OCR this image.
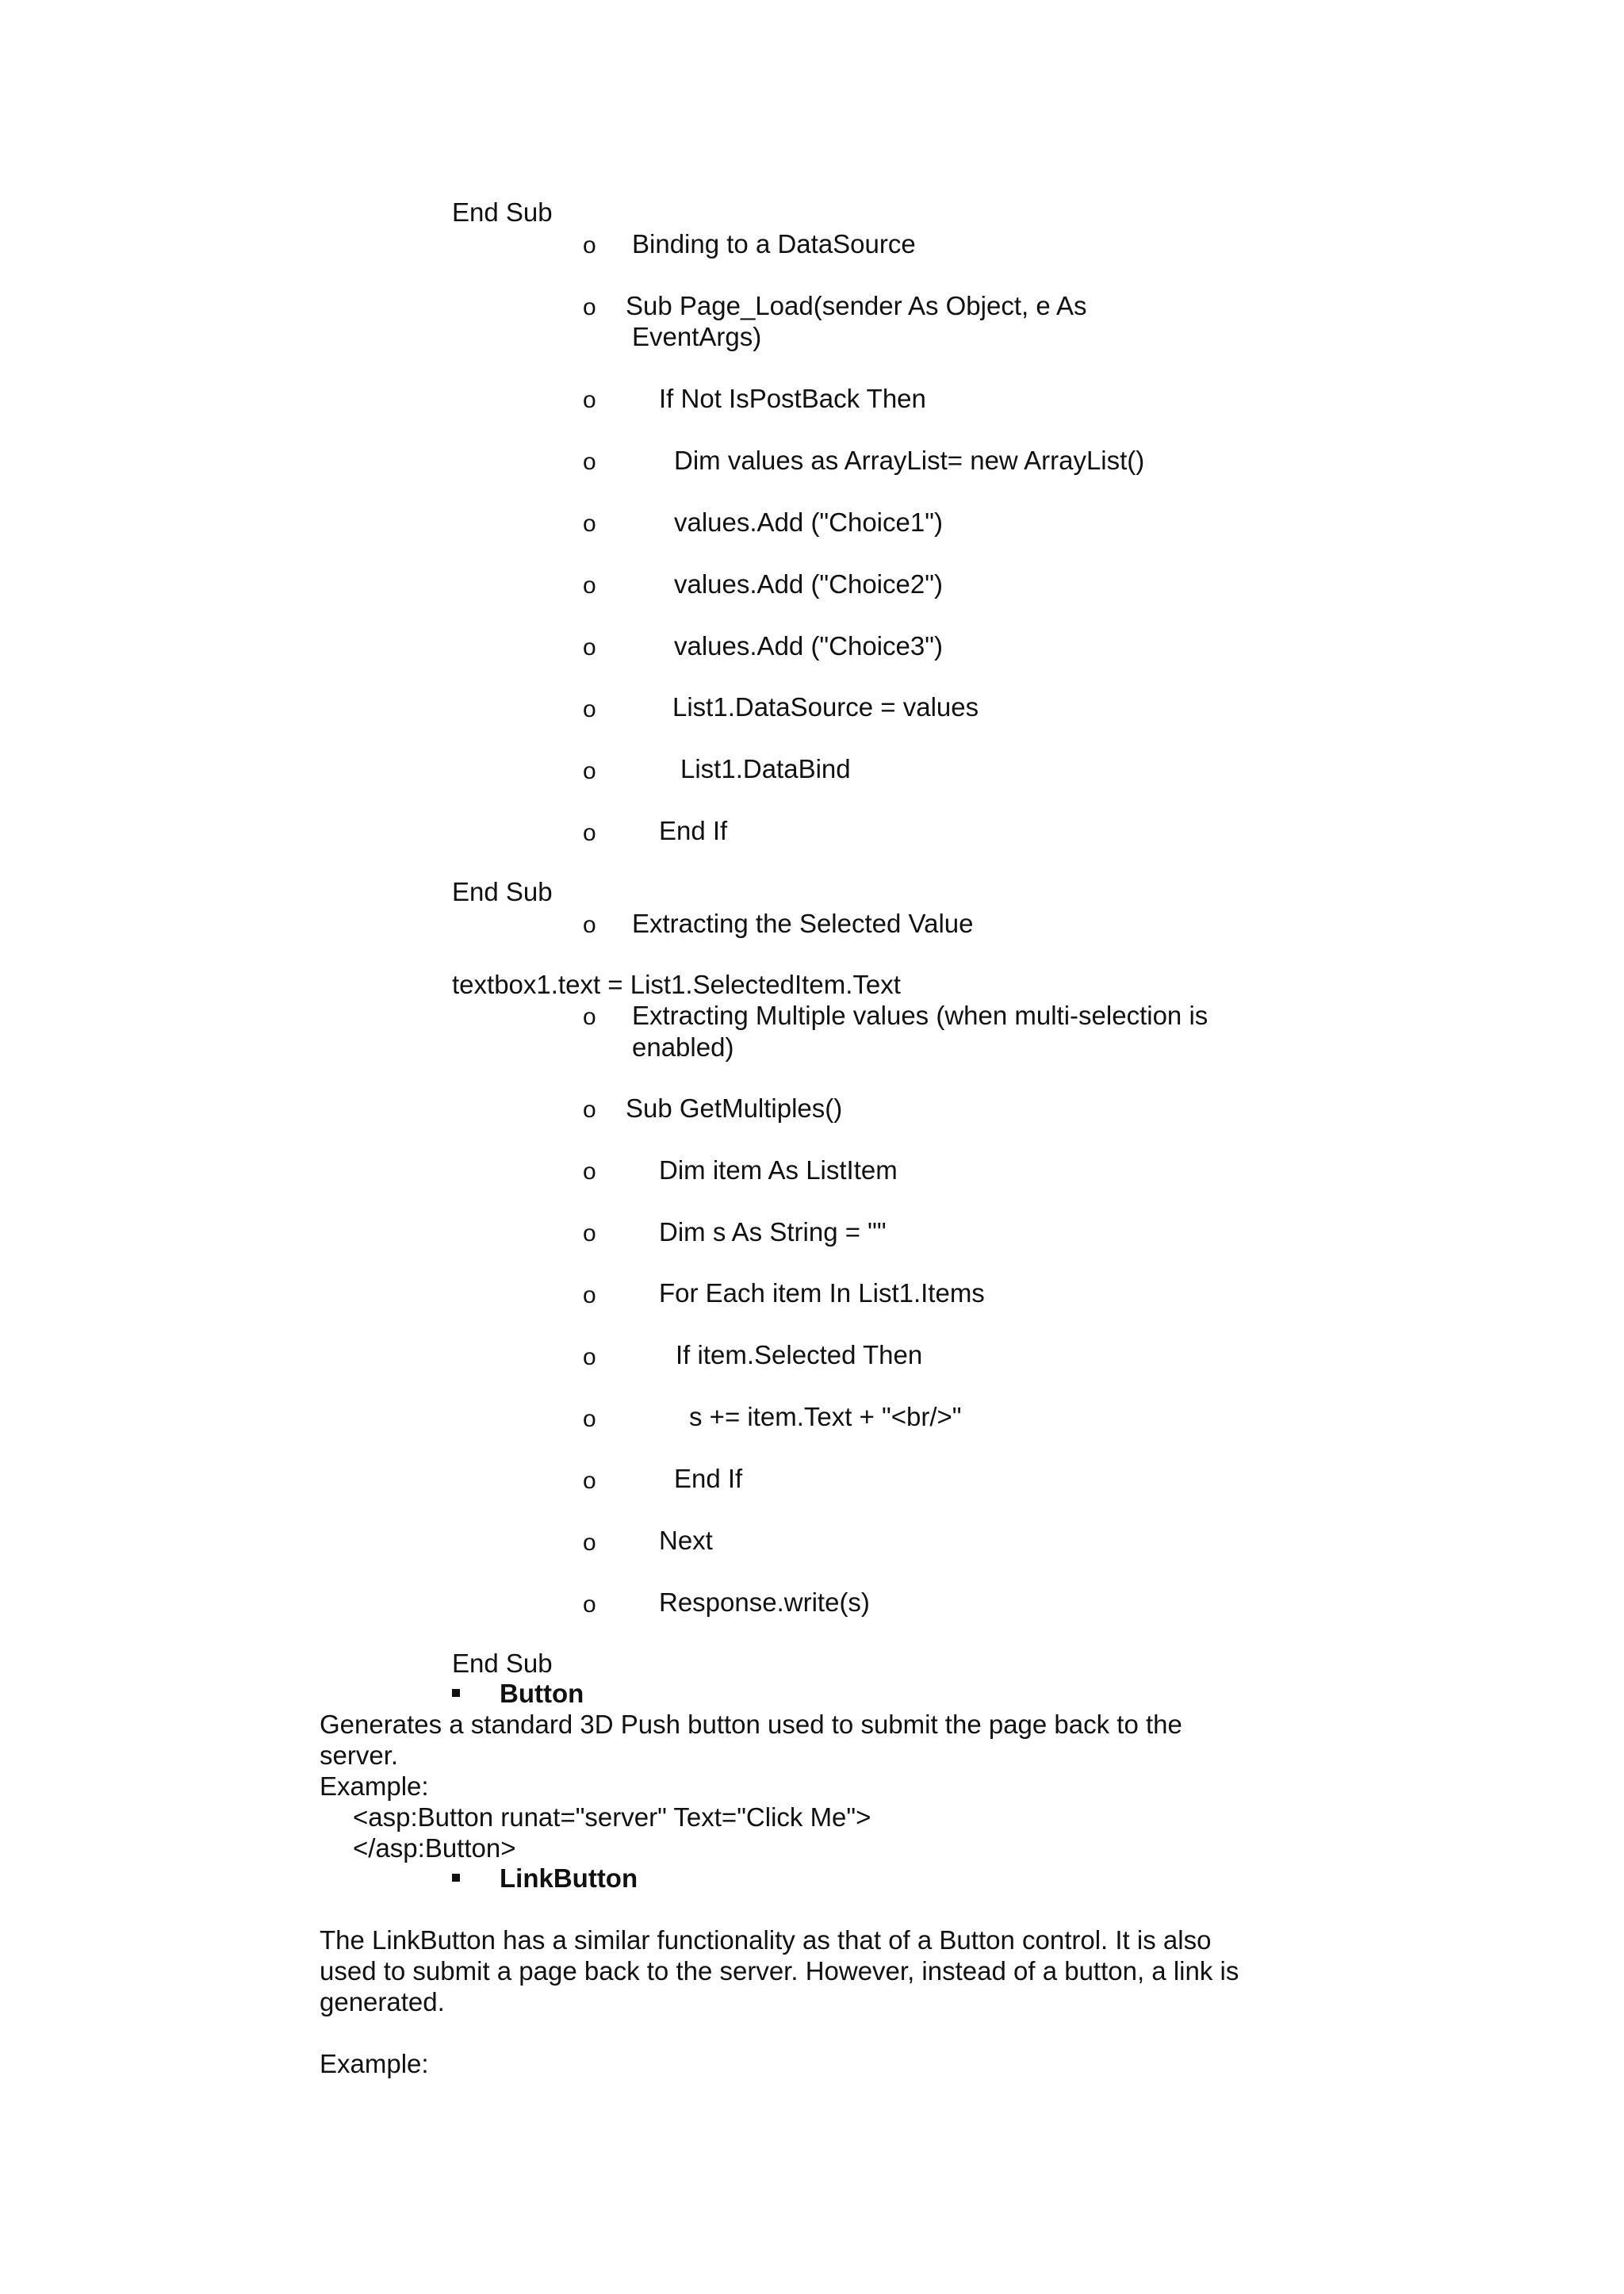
End Sub
o Binding to a DataSource
o Sub Page_Load(sender As Object, e As
EventArgs)
o If Not IsPostBack Then
o	Dim values as ArrayList= new ArrayList()
o	values.Add ("Choice1")
o	values.Add ("Choice2")
o	values.Add ("Choice3")
o	List1.DataSource = values
o	List1.DataBind
o End If
End Sub
o Extracting the Selected Value
textbox1.text = List1.SelectedItem.Text
o Extracting Multiple values (when multi-selection is
enabled)
o Sub GetMultiples()
o Dim item As ListItem
o Dim s As String = ""
o For Each item In List1.Items
o	If item.Selected Then
o	s += item.Text + "<br/>"
o	End If
o Next
o Response.write(s)
End Sub
Button
Generates a standard 3D Push button used to submit the page back to the
server.
Example:
<asp:Button runat="server" Text="Click Me">
</asp:Button>
LinkButton
The LinkButton has a similar functionality as that of a Button control. It is also
used to submit a page back to the server. However, instead of a button, a link is
generated.
Example:
